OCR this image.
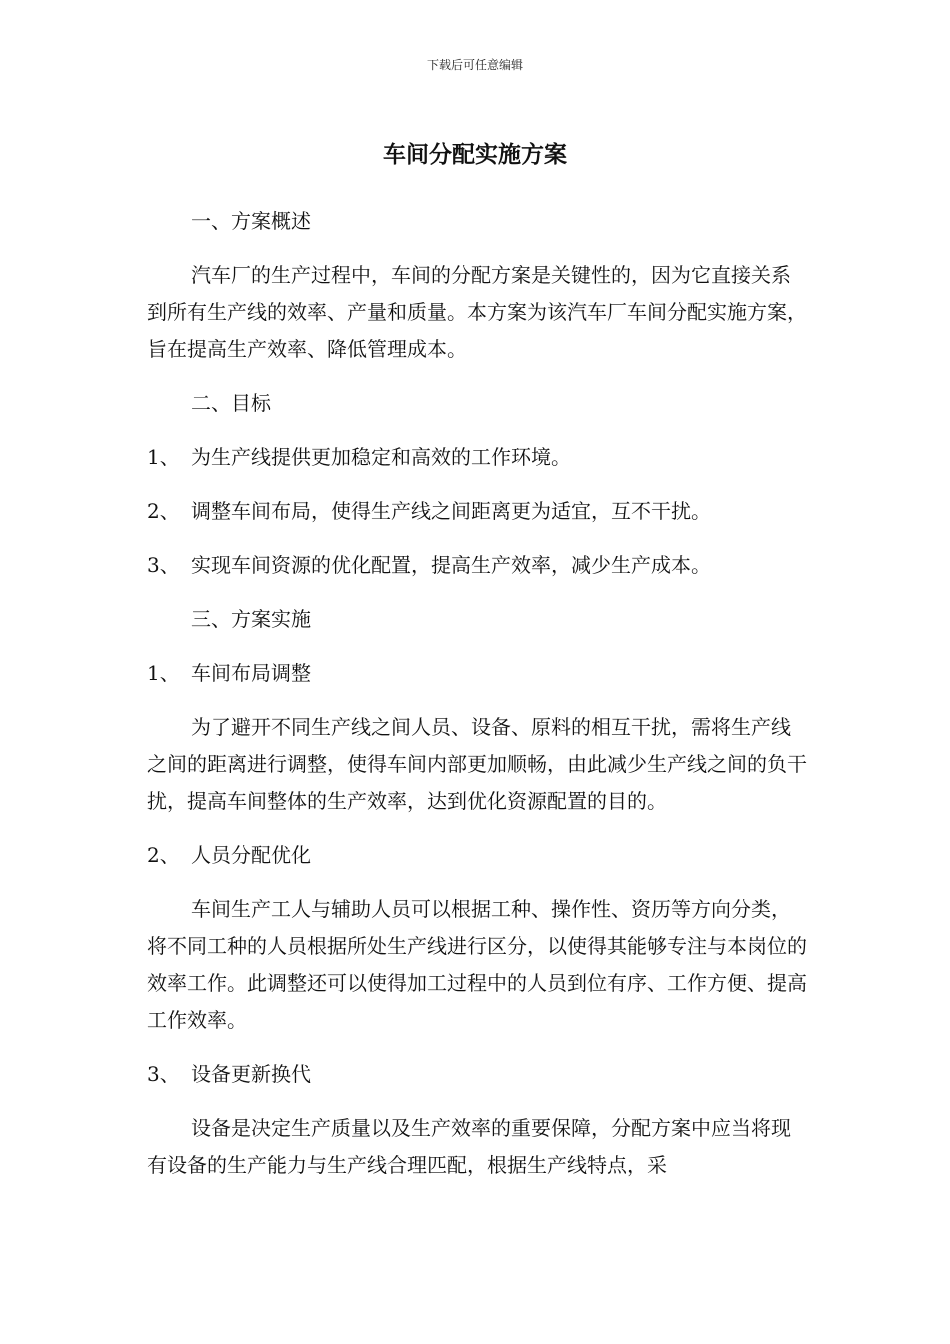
下载后可任意编辑
车间分配实施方案

一、方案概述

汽车厂的生产过程中，车间的分配方案是关键性的，因为它直接关系到所有生产线的效率、产量和质量。本方案为该汽车厂车间分配实施方案，旨在提高生产效率、降低管理成本。

二、目标

1、 为生产线提供更加稳定和高效的工作环境。

2、 调整车间布局，使得生产线之间距离更为适宜，互不干扰。

3、 实现车间资源的优化配置，提高生产效率，减少生产成本。

三、方案实施

1、 车间布局调整

为了避开不同生产线之间人员、设备、原料的相互干扰，需将生产线之间的距离进行调整，使得车间内部更加顺畅，由此减少生产线之间的负干扰，提高车间整体的生产效率，达到优化资源配置的目的。

2、 人员分配优化

车间生产工人与辅助人员可以根据工种、操作性、资历等方向分类，将不同工种的人员根据所处生产线进行区分，以使得其能够专注与本岗位的效率工作。此调整还可以使得加工过程中的人员到位有序、工作方便、提高工作效率。

3、 设备更新换代

设备是决定生产质量以及生产效率的重要保障，分配方案中应当将现有设备的生产能力与生产线合理匹配，根据生产线特点，采
